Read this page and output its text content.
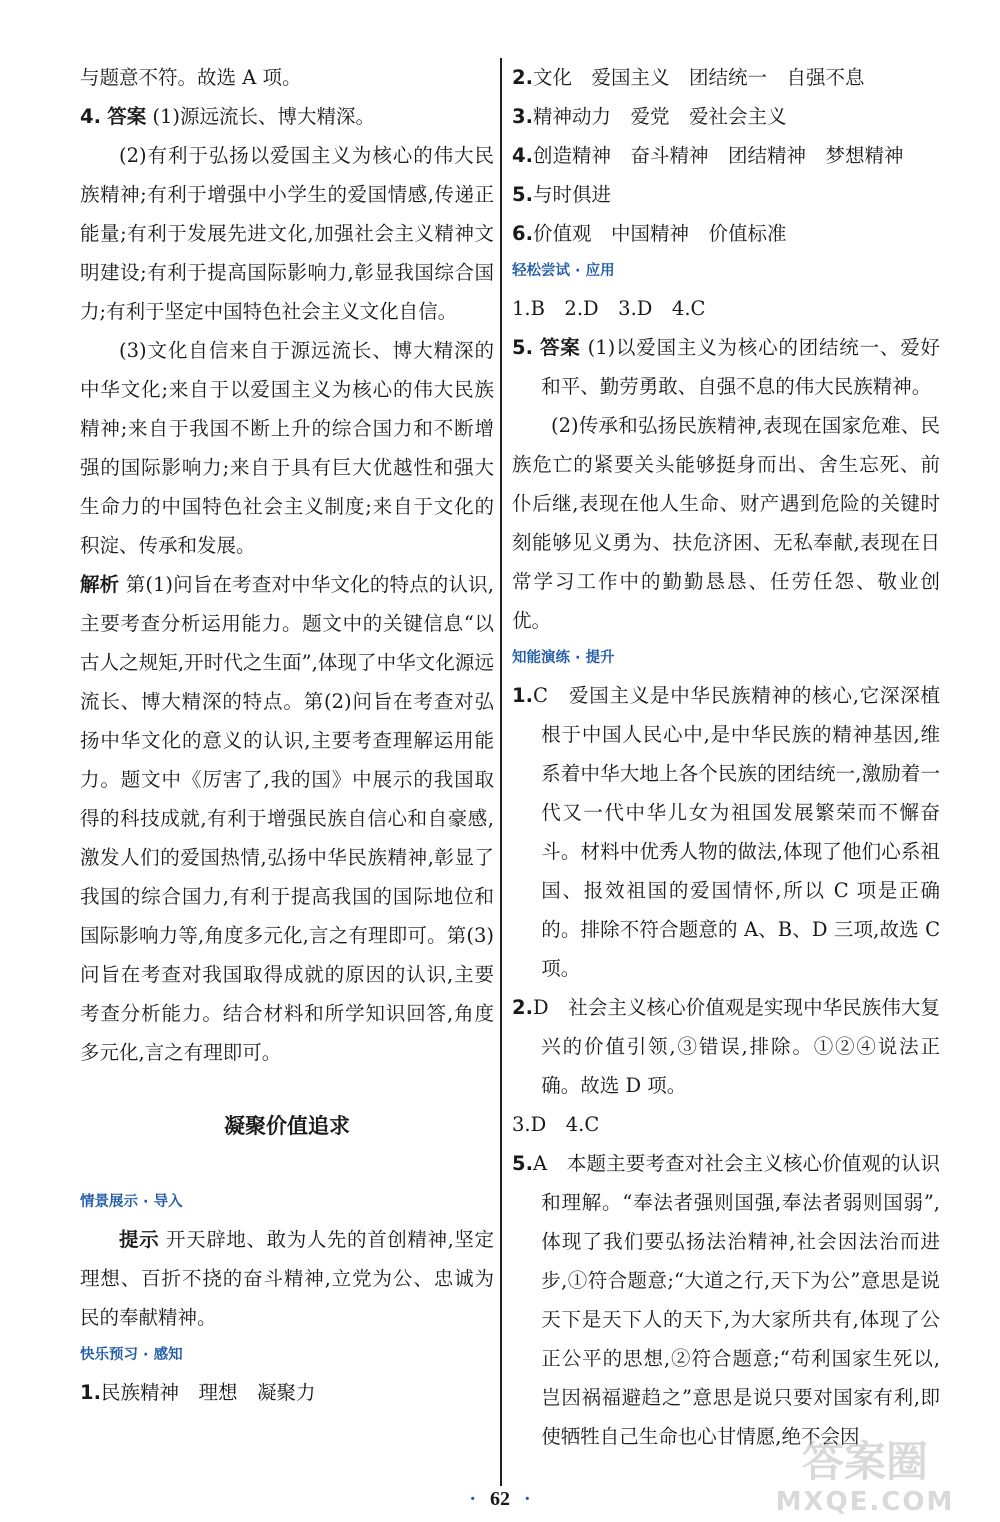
与题意不符。故选 A 项。

4. 答案 (1)源远流长、博大精深。

(2)有利于弘扬以爱国主义为核心的伟大民族精神;有利于增强中小学生的爱国情感,传递正能量;有利于发展先进文化,加强社会主义精神文明建设;有利于提高国际影响力,彰显我国综合国力;有利于坚定中国特色社会主义文化自信。

(3)文化自信来自于源远流长、博大精深的中华文化;来自于以爱国主义为核心的伟大民族精神;来自于我国不断上升的综合国力和不断增强的国际影响力;来自于具有巨大优越性和强大生命力的中国特色社会主义制度;来自于文化的积淀、传承和发展。

解析 第(1)问旨在考查对中华文化的特点的认识,主要考查分析运用能力。题文中的关键信息“以古人之规矩,开时代之生面”,体现了中华文化源远流长、博大精深的特点。第(2)问旨在考查对弘扬中华文化的意义的认识,主要考查理解运用能力。题文中《厉害了,我的国》中展示的我国取得的科技成就,有利于增强民族自信心和自豪感,激发人们的爱国热情,弘扬中华民族精神,彰显了我国的综合国力,有利于提高我国的国际地位和国际影响力等,角度多元化,言之有理即可。第(3)问旨在考查对我国取得成就的原因的认识,主要考查分析能力。结合材料和所学知识回答,角度多元化,言之有理即可。

凝聚价值追求
情景展示 · 导入

提示 开天辟地、敢为人先的首创精神,坚定理想、百折不挠的奋斗精神,立党为公、忠诚为民的奉献精神。

快乐预习 · 感知

1.民族精神　理想　凝聚力

2.文化　爱国主义　团结统一　自强不息

3.精神动力　爱党　爱社会主义

4.创造精神　奋斗精神　团结精神　梦想精神

5.与时俱进

6.价值观　中国精神　价值标准

轻松尝试 · 应用

1.B　2.D　3.D　4.C

5. 答案 (1)以爱国主义为核心的团结统一、爱好和平、勤劳勇敢、自强不息的伟大民族精神。

(2)传承和弘扬民族精神,表现在国家危难、民族危亡的紧要关头能够挺身而出、舍生忘死、前仆后继,表现在他人生命、财产遇到危险的关键时刻能够见义勇为、扶危济困、无私奉献,表现在日常学习工作中的勤勤恳恳、任劳任怨、敬业创优。

知能演练 · 提升

1.C　爱国主义是中华民族精神的核心,它深深植根于中国人民心中,是中华民族的精神基因,维系着中华大地上各个民族的团结统一,激励着一代又一代中华儿女为祖国发展繁荣而不懈奋斗。材料中优秀人物的做法,体现了他们心系祖国、报效祖国的爱国情怀,所以 C 项是正确的。排除不符合题意的 A、B、D 三项,故选 C 项。

2.D　社会主义核心价值观是实现中华民族伟大复兴的价值引领,③错误,排除。①②④说法正确。故选 D 项。

3.D　4.C

5.A　本题主要考查对社会主义核心价值观的认识和理解。“奉法者强则国强,奉法者弱则国弱”,体现了我们要弘扬法治精神,社会因法治而进步,①符合题意;“大道之行,天下为公”意思是说天下是天下人的天下,为大家所共有,体现了公正公平的思想,②符合题意;“苟利国家生死以,岂因祸福避趋之”意思是说只要对国家有利,即使牺牲自己生命也心甘情愿,绝不会因

· 62 ·
答案圈
MXQE.COM
